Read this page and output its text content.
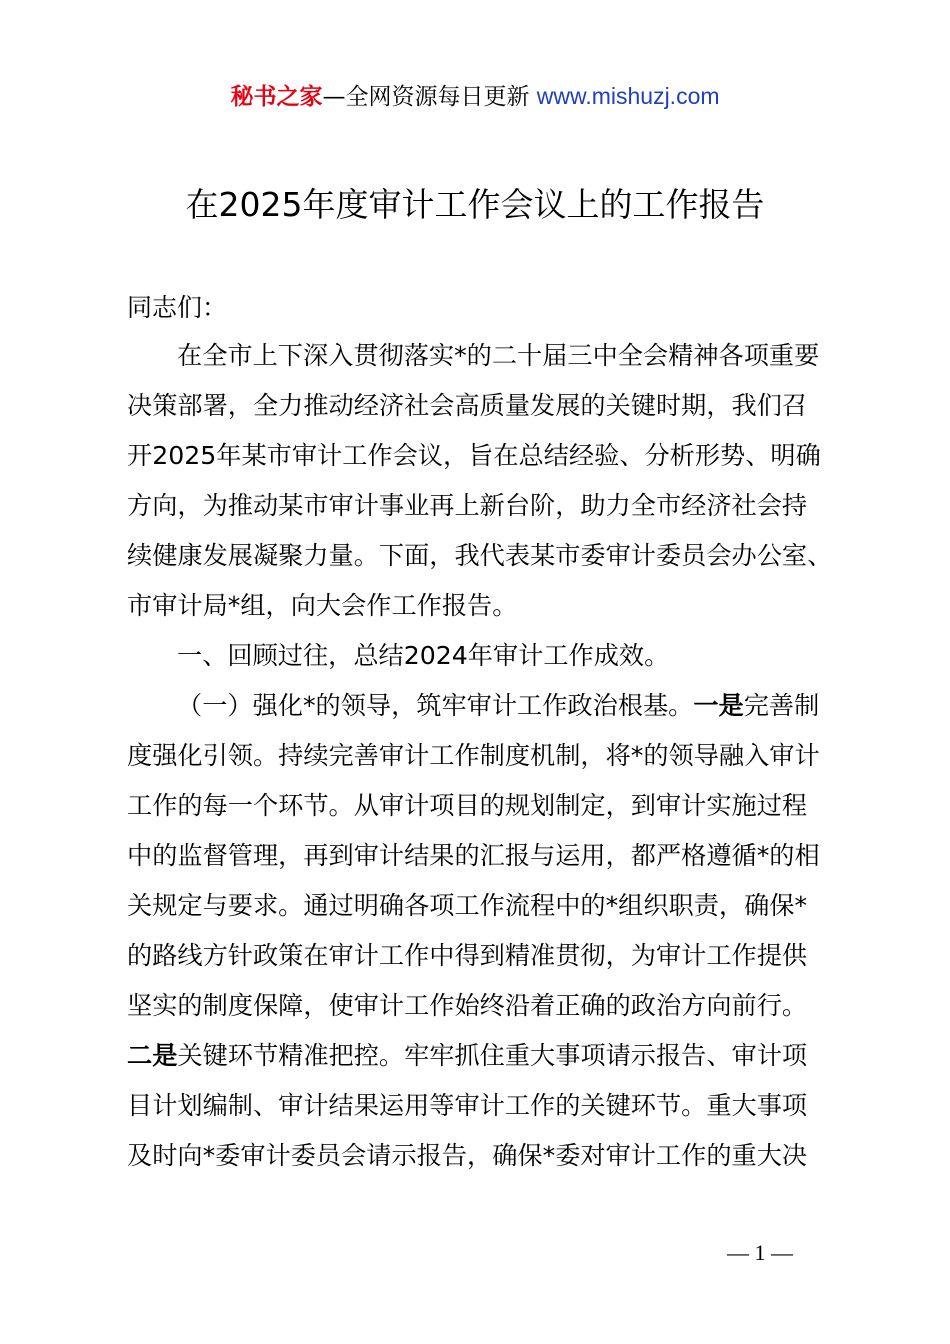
秘书之家—全网资源每日更新 www.mishuzj.com
在2025年度审计工作会议上的工作报告
同志们：
在全市上下深入贯彻落实*的二十届三中全会精神各项重要
决策部署，全力推动经济社会高质量发展的关键时期，我们召
开2025年某市审计工作会议，旨在总结经验、分析形势、明确
方向，为推动某市审计事业再上新台阶，助力全市经济社会持
续健康发展凝聚力量。下面，我代表某市委审计委员会办公室、
市审计局*组，向大会作工作报告。
一、回顾过往，总结2024年审计工作成效。
（一）强化*的领导，筑牢审计工作政治根基。一是完善制
度强化引领。持续完善审计工作制度机制，将*的领导融入审计
工作的每一个环节。从审计项目的规划制定，到审计实施过程
中的监督管理，再到审计结果的汇报与运用，都严格遵循*的相
关规定与要求。通过明确各项工作流程中的*组织职责，确保*
的路线方针政策在审计工作中得到精准贯彻，为审计工作提供
坚实的制度保障，使审计工作始终沿着正确的政治方向前行。
二是关键环节精准把控。牢牢抓住重大事项请示报告、审计项
目计划编制、审计结果运用等审计工作的关键环节。重大事项
及时向*委审计委员会请示报告，确保*委对审计工作的重大决
— 1 —
